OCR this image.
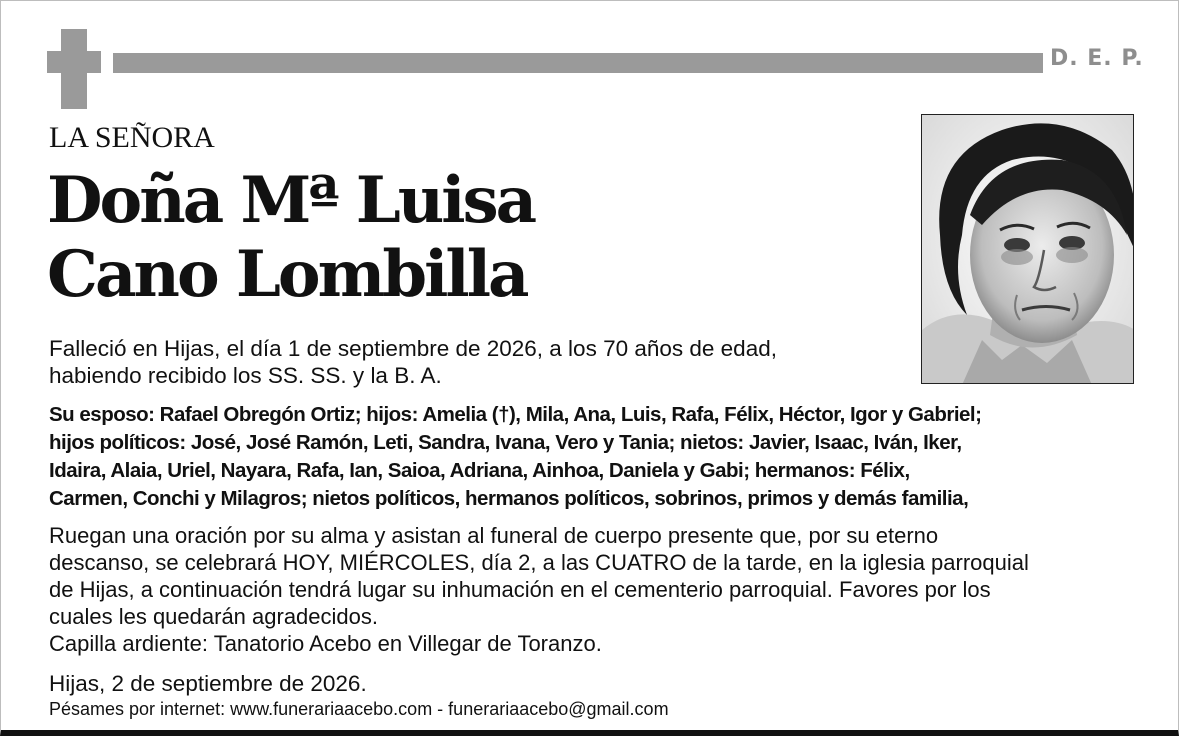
D. E. P.
LA SEÑORA
Doña Mª Luisa
Cano Lombilla

Falleció en Hijas, el día 1 de septiembre de 2026, a los 70 años de edad,

habiendo recibido los SS. SS. y la B. A.

Su esposo: Rafael Obregón Ortiz; hijos: Amelia (†), Mila, Ana, Luis, Rafa, Félix, Héctor, Igor y Gabriel;

hijos políticos: José, José Ramón, Leti, Sandra, Ivana, Vero y Tania; nietos: Javier, Isaac, Iván, Iker,

Idaira, Alaia, Uriel, Nayara, Rafa, Ian, Saioa, Adriana, Ainhoa, Daniela y Gabi; hermanos: Félix,

Carmen, Conchi y Milagros; nietos políticos, hermanos políticos, sobrinos, primos y demás familia,

Ruegan una oración por su alma y asistan al funeral de cuerpo presente que, por su eterno

descanso, se celebrará HOY, MIÉRCOLES, día 2, a las CUATRO de la tarde, en la iglesia parroquial

de Hijas, a continuación tendrá lugar su inhumación en el cementerio parroquial. Favores por los

cuales les quedarán agradecidos.

Capilla ardiente: Tanatorio Acebo en Villegar de Toranzo.

Hijas, 2 de septiembre de 2026.
Pésames por internet: www.funerariaacebo.com - funerariaacebo@gmail.com
